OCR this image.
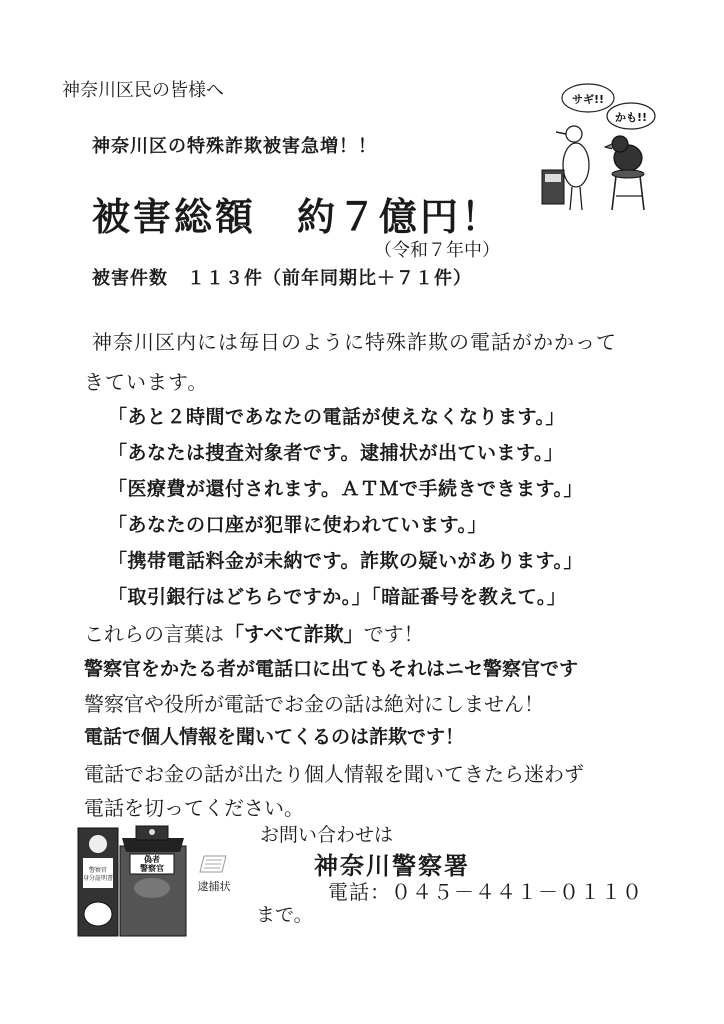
神奈川区民の皆様へ

神奈川区の特殊詐欺被害急増！！

被害総額　約７億円！

（令和７年中）

被害件数　１１３件（前年同期比＋７１件）

神奈川区内には毎日のように特殊詐欺の電話がかかって

きています。

「あと２時間であなたの電話が使えなくなります。」

「あなたは捜査対象者です。逮捕状が出ています。」

「医療費が還付されます。ＡＴＭで手続きできます。」

「あなたの口座が犯罪に使われています。」

「携帯電話料金が未納です。詐欺の疑いがあります。」

「取引銀行はどちらですか。」「暗証番号を教えて。」

これらの言葉は「すべて詐欺」です！

警察官をかたる者が電話口に出てもそれはニセ警察官です

警察官や役所が電話でお金の話は絶対にしません！

電話で個人情報を聞いてくるのは詐欺です！

電話でお金の話が出たり個人情報を聞いてきたら迷わず

電話を切ってください。

お問い合わせは

神奈川警察署

電話：０４５－４４１－０１１０

まで。

サギ!!
かも!!
警察官身分証明書
偽者警察官
逮捕状
